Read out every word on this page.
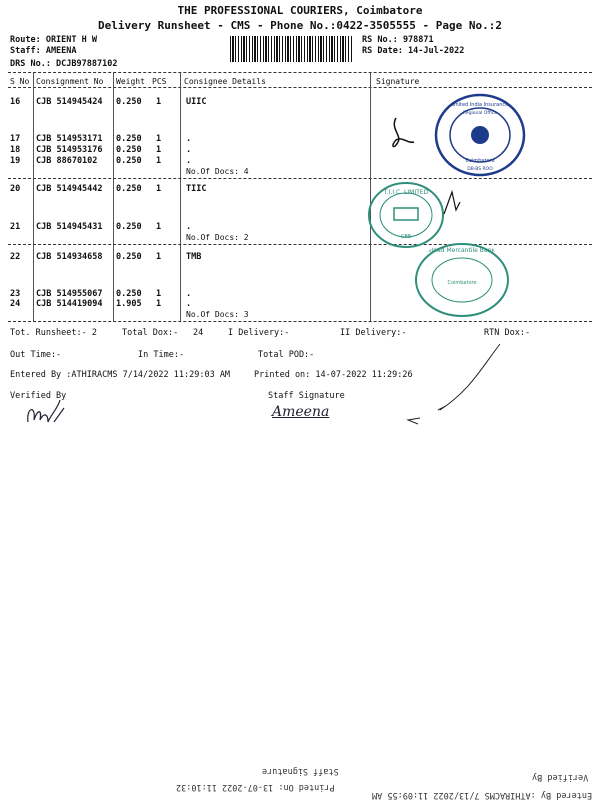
THE PROFESSIONAL COURIERS, Coimbatore
Delivery Runsheet - CMS - Phone No.:0422-3505555 - Page No.:2
Route: ORIENT H W
Staff: AMEENA
DRS No.: DCJB97887102
RS No.: 978871
RS Date: 14-Jul-2022
S No Consignment No Weight PCS Consignee Details	Signature
16 CJB 514945424 0.250 1	UIIC
17 CJB 514953171 0.250 1	.
18 CJB 514953176 0.250 1	.
19 CJB 88670102 0.250 1	.
No.Of Docs: 4
20 CJB 514945442 0.250 1	TIIC
21 CJB 514945431 0.250 1	.
No.Of Docs: 2
22 CJB 514934658 0.250 1	TMB
23 CJB 514955067 0.250 1	.
24 CJB 514419094 1.905 1	.
No.Of Docs: 3
Tot. Runsheet:- 2	Total Dox:- 24	I Delivery:-	II Delivery:-	RTN Dox:-
Out Time:-	In Time:-	Total POD:-
Entered By :ATHIRACMS 7/14/2022 11:29:03 AM	Printed on: 14-07-2022 11:29:26
Verified By	Staff Signature
Ameena
United India Insurance
Regional Office
Coimbatore
DB-BS ROO
T.I.I.C. LIMITED
CBE
Tamilnad Mercantile Bank Ltd
Coimbatore
Staff Signature
Printed On: 13-07-2022 11:10:32
Verified By
Entered By :ATHIRACMS 7/13/2022 11:09:55 AM
